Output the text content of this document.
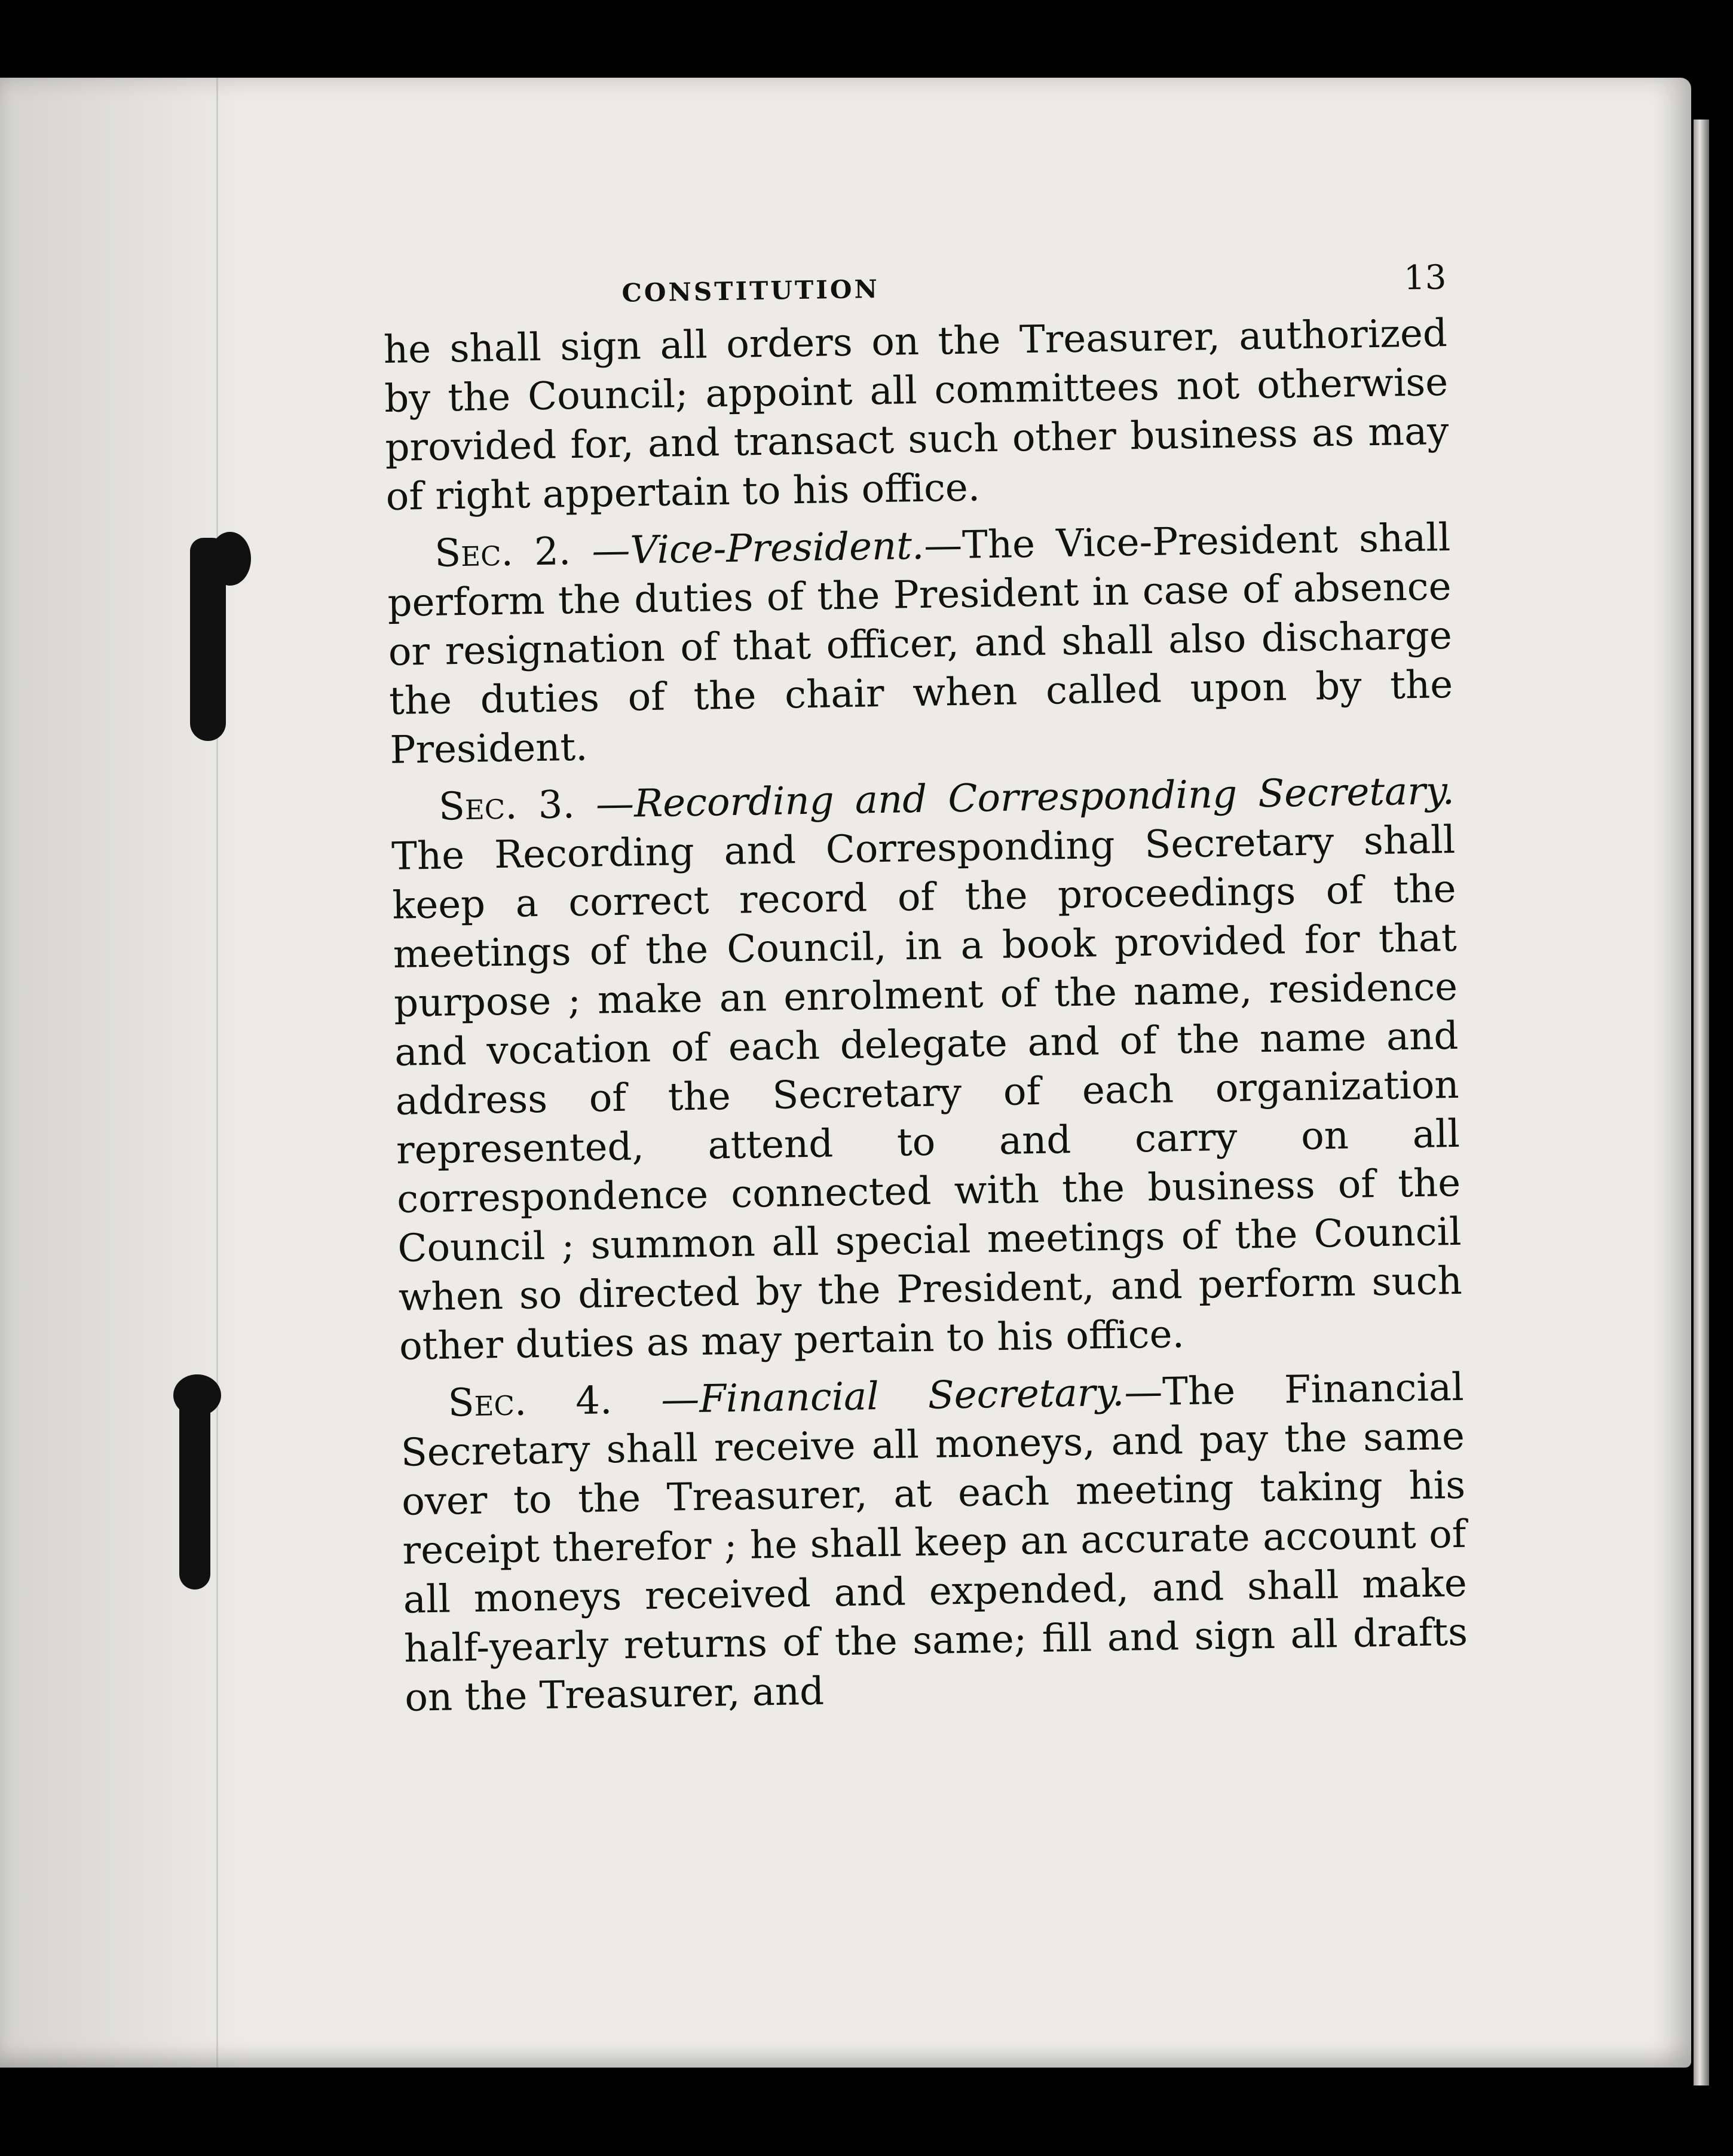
CONSTITUTION	13

he shall sign all orders on the Treasurer, authorized by the Council; appoint all committees not otherwise provided for, and transact such other business as may of right appertain to his office.

Sec. 2. —Vice-President.—The Vice-President shall perform the duties of the President in case of absence or resignation of that officer, and shall also discharge the duties of the chair when called upon by the President.

Sec. 3. —Recording and Corresponding Secretary. The Recording and Corresponding Secretary shall keep a correct record of the proceedings of the meetings of the Council, in a book provided for that purpose ; make an enrolment of the name, residence and vocation of each delegate and of the name and address of the Secretary of each organization represented, attend to and carry on all correspondence connected with the business of the Council ; summon all special meetings of the Council when so directed by the President, and perform such other duties as may pertain to his office.

Sec. 4. —Financial Secretary.—The Financial Secretary shall receive all moneys, and pay the same over to the Treasurer, at each meeting taking his receipt therefor ; he shall keep an accurate account of all moneys received and expended, and shall make half-yearly returns of the same; fill and sign all drafts on the Treasurer, and
